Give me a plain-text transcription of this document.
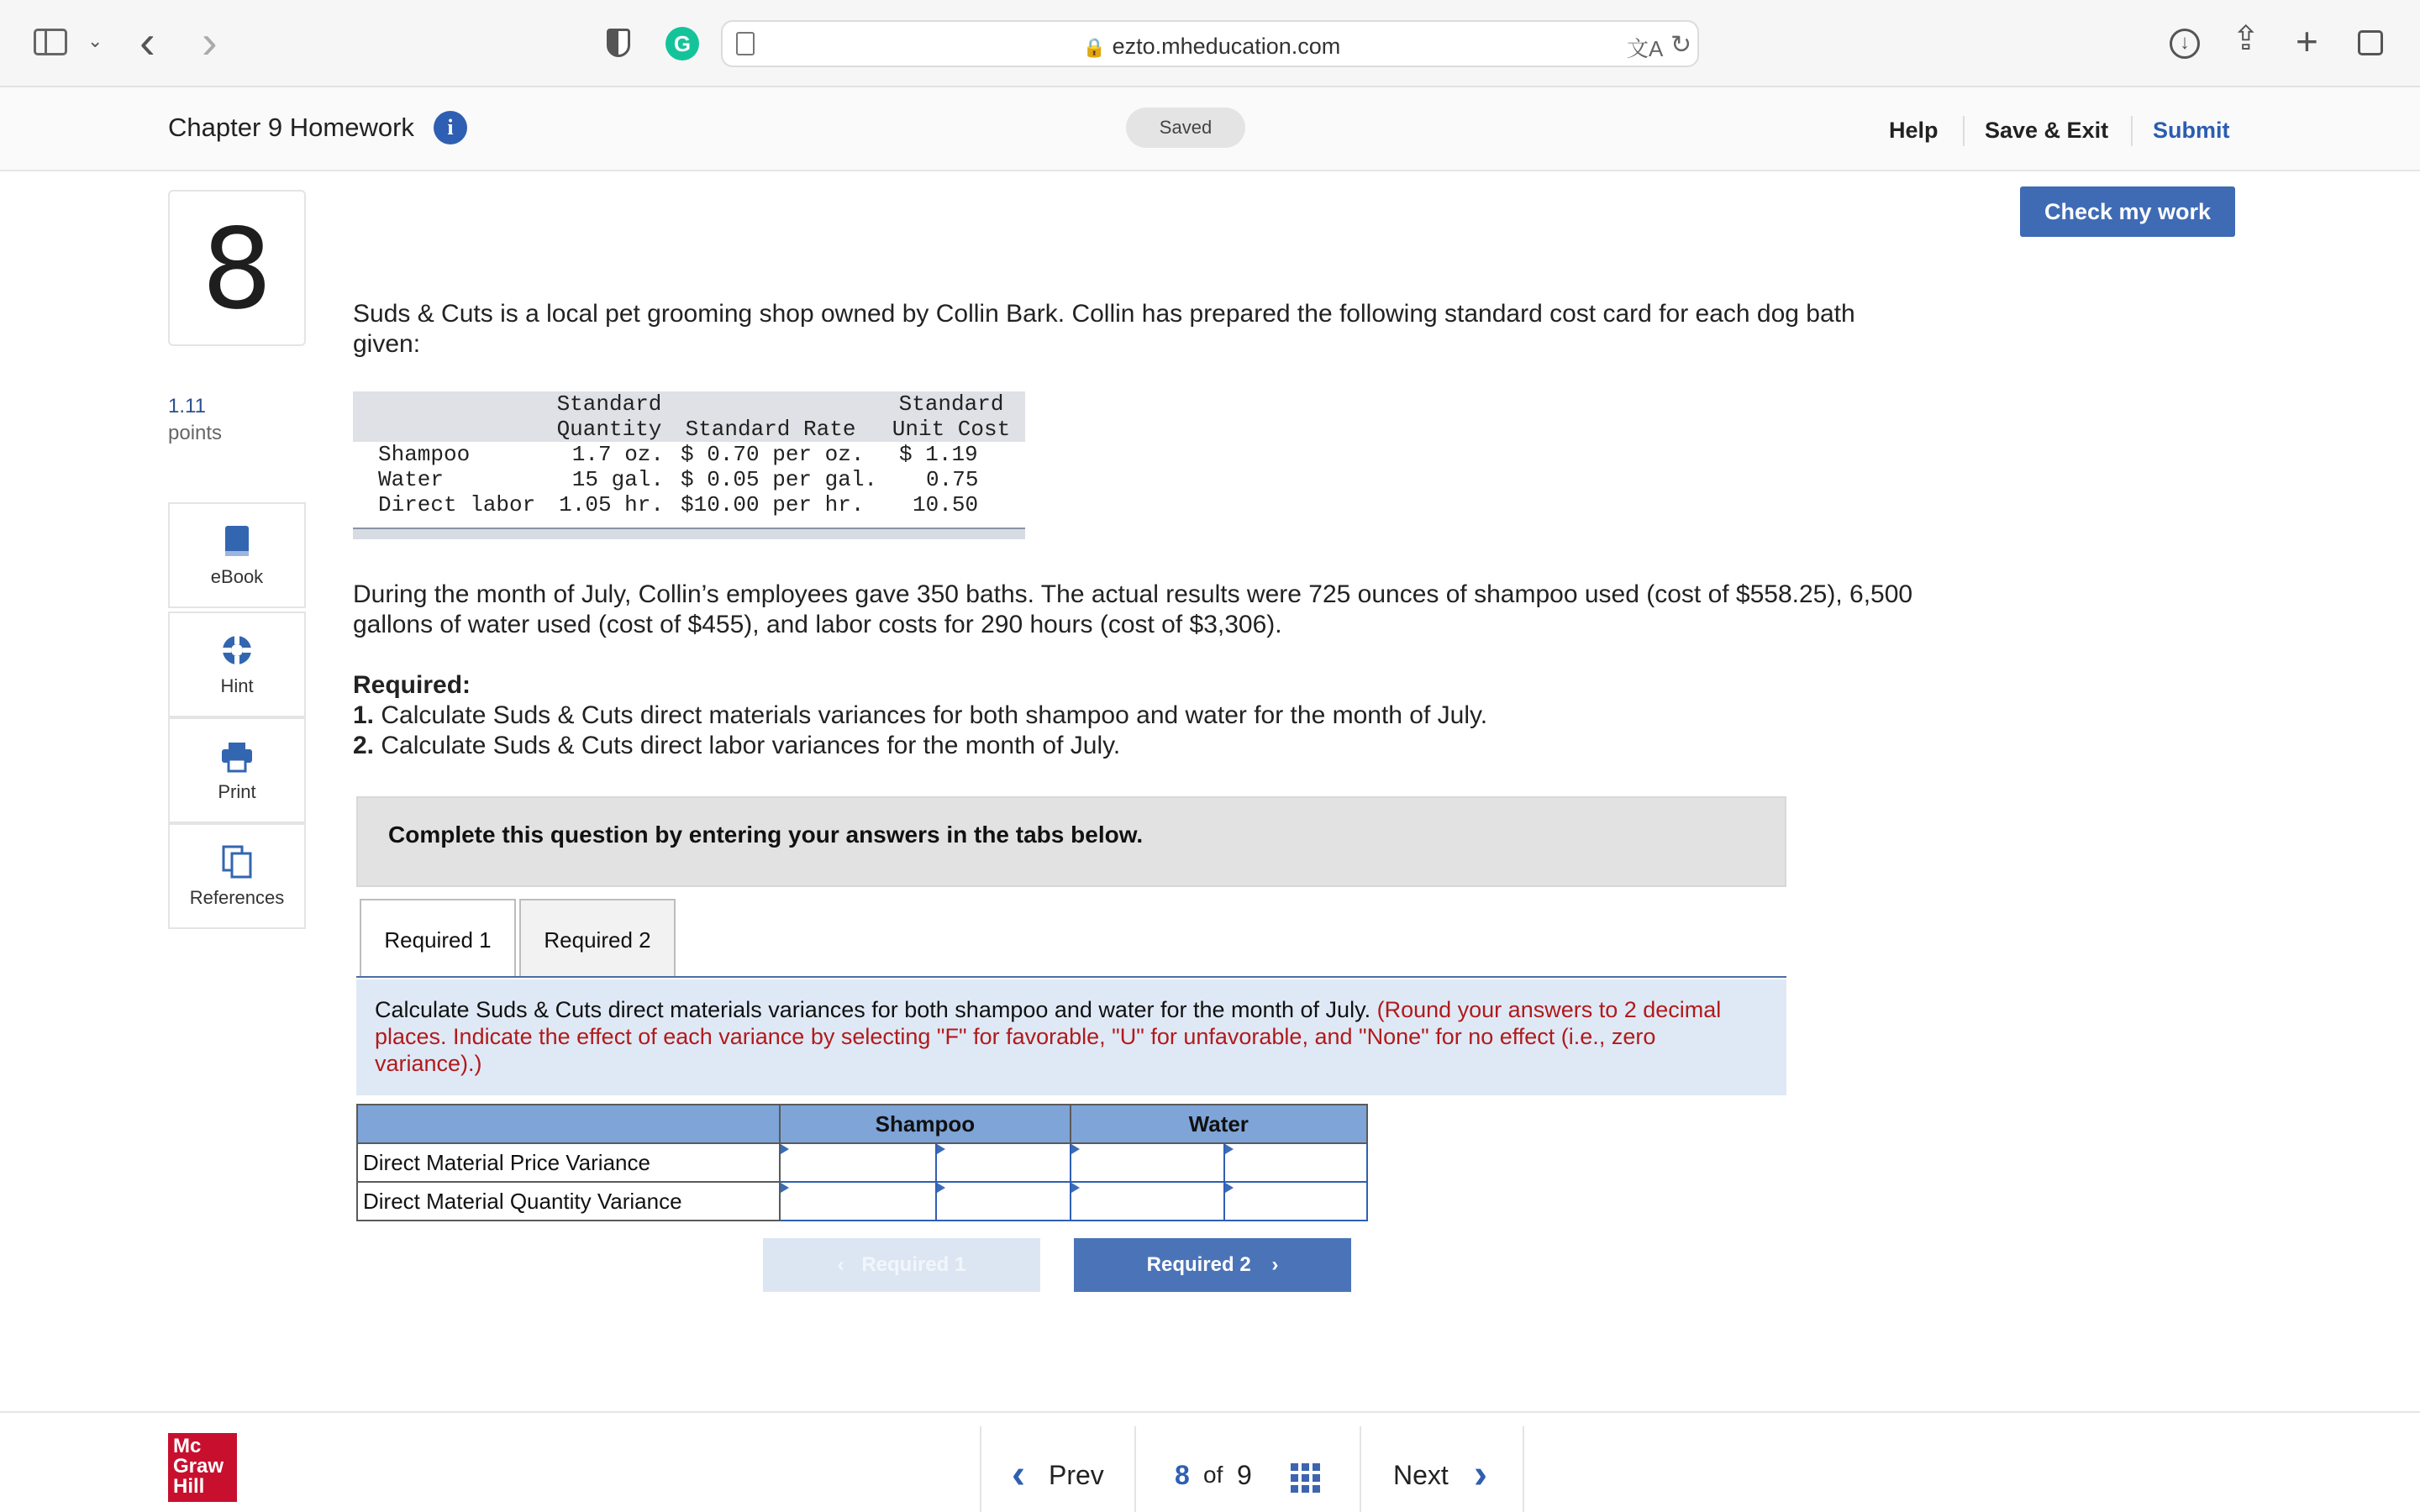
⌄ ‹ ›	G	🔒 ezto.mheducation.com	文A ↻	↓	⇪ +
Chapter 9 Homework	i	Saved	Help Save & Exit Submit
Check my work
8
1.11
points
eBook
Hint
Print
References
Suds & Cuts is a local pet grooming shop owned by Collin Bark. Collin has prepared the following standard cost card for each dog bath given:
	Standard
Quantity	Standard Rate	Standard
Unit Cost
Shampoo	1.7 oz.	$ 0.70 per oz.	$ 1.19
Water	15 gal.	$ 0.05 per gal.	0.75
Direct labor	1.05 hr.	$10.00 per hr.	10.50
During the month of July, Collin’s employees gave 350 baths. The actual results were 725 ounces of shampoo used (cost of $558.25), 6,500 gallons of water used (cost of $455), and labor costs for 290 hours (cost of $3,306).
Required:
1. Calculate Suds & Cuts direct materials variances for both shampoo and water for the month of July.
2. Calculate Suds & Cuts direct labor variances for the month of July.
Complete this question by entering your answers in the tabs below.
Required 1	Required 2
Calculate Suds & Cuts direct materials variances for both shampoo and water for the month of July. (Round your answers to 2 decimal places. Indicate the effect of each variance by selecting "F" for favorable, "U" for unfavorable, and "None" for no effect (i.e., zero variance).)
	Shampoo		Water	
Direct Material Price Variance				
Direct Material Quantity Variance				
‹ Required 1	Required 2 ›
Mc
Graw
Hill	‹ Prev	8 of 9	Next ›
